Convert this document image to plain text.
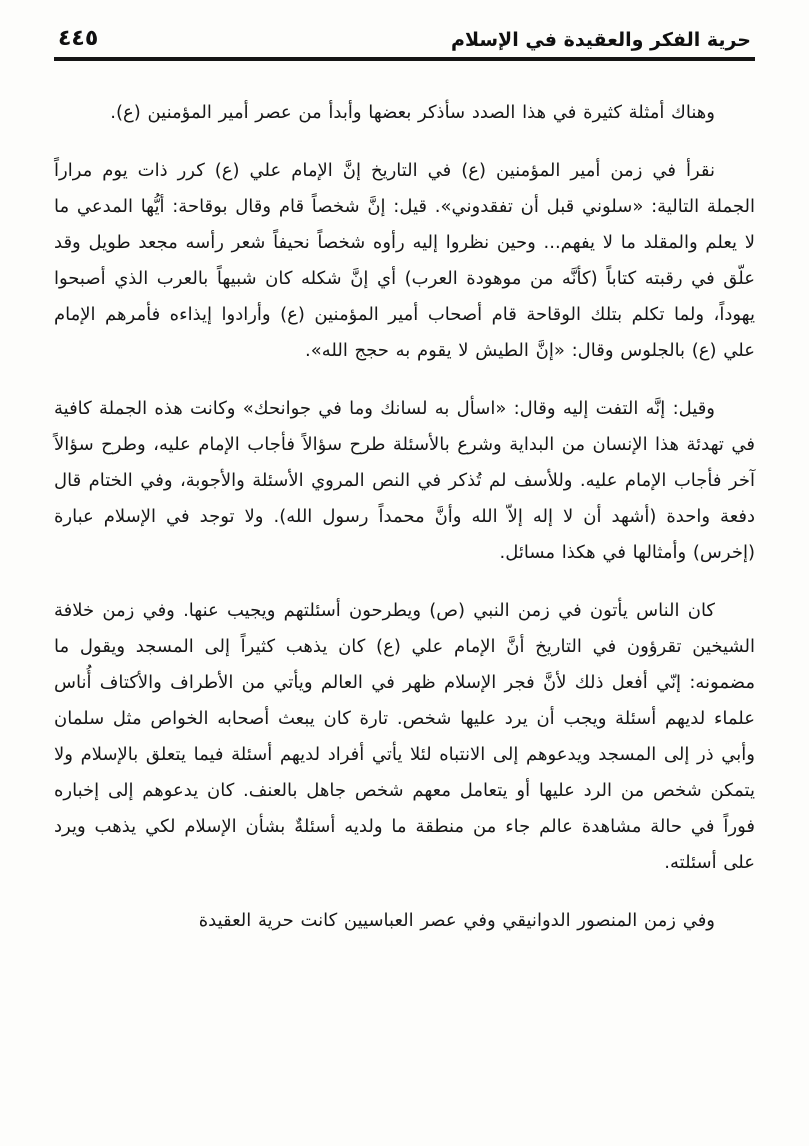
حرية الفكر والعقيدة في الإسلام
٤٤٥

وهناك أمثلة كثيرة في هذا الصدد سأذكر بعضها وأبدأ من عصر أمير المؤمنين (ع).

نقرأ في زمن أمير المؤمنين (ع) في التاريخ إنَّ الإمام علي (ع) كرر ذات يوم مراراً الجملة التالية: «سلوني قبل أن تفقدوني». قيل: إنَّ شخصاً قام وقال بوقاحة: أيُّها المدعي ما لا يعلم والمقلد ما لا يفهم... وحين نظروا إليه رأوه شخصاً نحيفاً شعر رأسه مجعد طويل وقد علّق في رقبته كتاباً (كأنَّه من موهودة العرب) أي إنَّ شكله كان شبيهاً بالعرب الذي أصبحوا يهوداً، ولما تكلم بتلك الوقاحة قام أصحاب أمير المؤمنين (ع) وأرادوا إيذاءه فأمرهم الإمام علي (ع) بالجلوس وقال: «إنَّ الطيش لا يقوم به حجج الله».

وقيل: إنَّه التفت إليه وقال: «اسأل به لسانك وما في جوانحك» وكانت هذه الجملة كافية في تهدئة هذا الإنسان من البداية وشرع بالأسئلة طرح سؤالاً فأجاب الإمام عليه، وطرح سؤالاً آخر فأجاب الإمام عليه. وللأسف لم تُذكر في النص المروي الأسئلة والأجوبة، وفي الختام قال دفعة واحدة (أشهد أن لا إله إلاّ الله وأنَّ محمداً رسول الله). ولا توجد في الإسلام عبارة (إخرس) وأمثالها في هكذا مسائل.

كان الناس يأتون في زمن النبي (ص) ويطرحون أسئلتهم ويجيب عنها. وفي زمن خلافة الشيخين تقرؤون في التاريخ أنَّ الإمام علي (ع) كان يذهب كثيراً إلى المسجد ويقول ما مضمونه: إنّي أفعل ذلك لأنَّ فجر الإسلام ظهر في العالم ويأتي من الأطراف والأكتاف أُناس علماء لديهم أسئلة ويجب أن يرد عليها شخص. تارة كان يبعث أصحابه الخواص مثل سلمان وأبي ذر إلى المسجد ويدعوهم إلى الانتباه لئلا يأتي أفراد لديهم أسئلة فيما يتعلق بالإسلام ولا يتمكن شخص من الرد عليها أو يتعامل معهم شخص جاهل بالعنف. كان يدعوهم إلى إخباره فوراً في حالة مشاهدة عالم جاء من منطقة ما ولديه أسئلةٌ بشأن الإسلام لكي يذهب ويرد على أسئلته.

وفي زمن المنصور الدوانيقي وفي عصر العباسيين كانت حرية العقيدة
